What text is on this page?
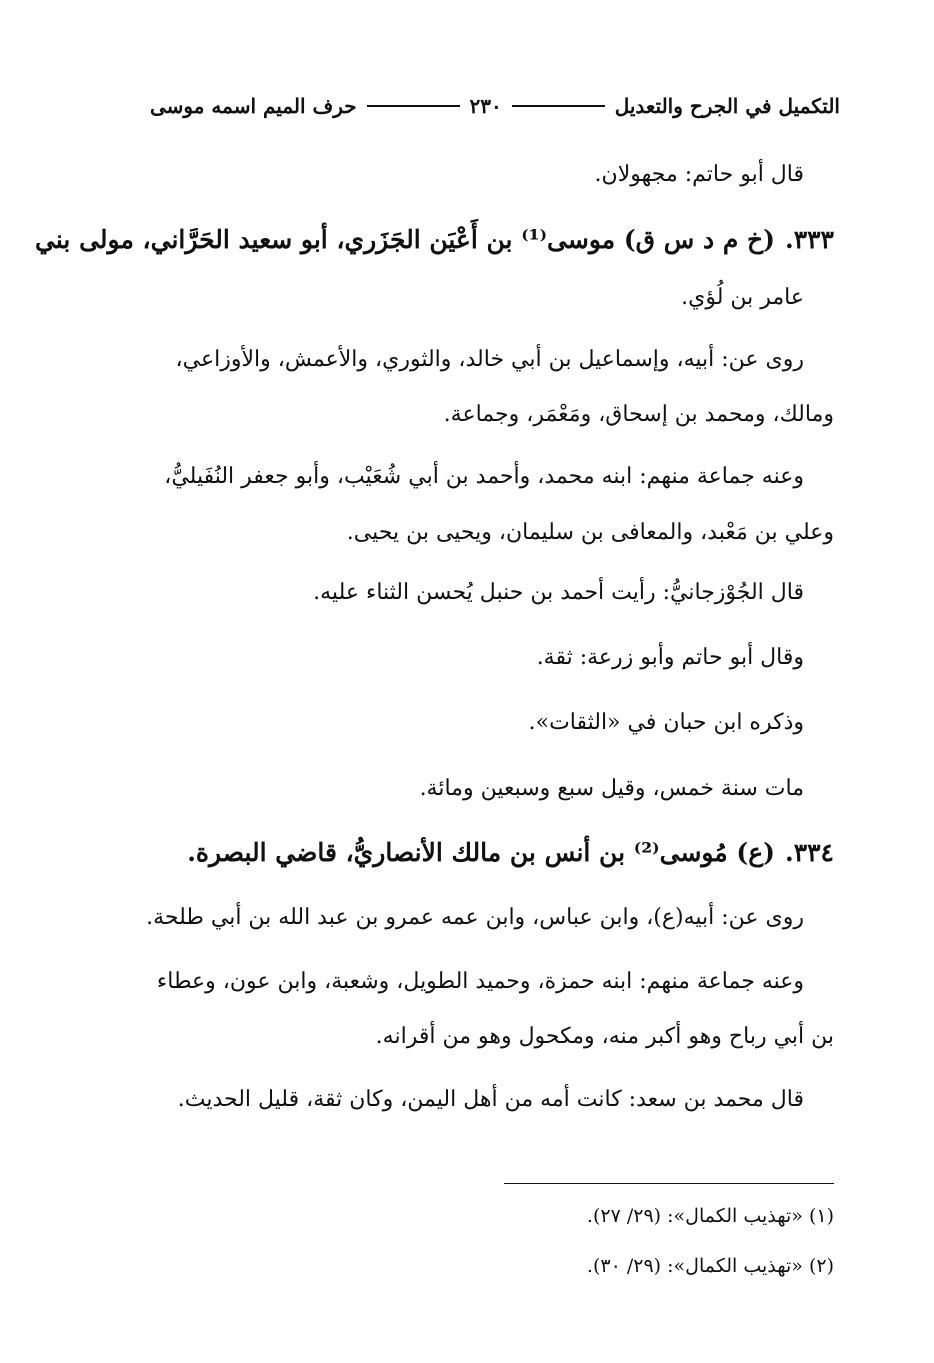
التكميل في الجرح والتعديل
٢٣٠
حرف الميم اسمه موسى
قال أبو حاتم: مجهولان.
٣٣٣.(خ م د س ق) موسى⁽¹⁾ بن أَعْيَن الجَزَري، أبو سعيد الحَرَّاني، مولى بني
عامر بن لُؤي.
روى عن: أبيه، وإسماعيل بن أبي خالد، والثوري، والأعمش، والأوزاعي،
ومالك، ومحمد بن إسحاق، ومَعْمَر، وجماعة.
وعنه جماعة منهم: ابنه محمد، وأحمد بن أبي شُعَيْب، وأبو جعفر النُفَيليُّ،
وعلي بن مَعْبد، والمعافى بن سليمان، ويحيى بن يحيى.
قال الجُوْزجانيُّ: رأيت أحمد بن حنبل يُحسن الثناء عليه.
وقال أبو حاتم وأبو زرعة: ثقة.
وذكره ابن حبان في «الثقات».
مات سنة خمس، وقيل سبع وسبعين ومائة.
٣٣٤.(ع) مُوسى⁽²⁾ بن أنس بن مالك الأنصاريُّ، قاضي البصرة.
روى عن: أبيه(ع)، وابن عباس، وابن عمه عمرو بن عبد الله بن أبي طلحة.
وعنه جماعة منهم: ابنه حمزة، وحميد الطويل، وشعبة، وابن عون، وعطاء
بن أبي رباح وهو أكبر منه، ومكحول وهو من أقرانه.
قال محمد بن سعد: كانت أمه من أهل اليمن، وكان ثقة، قليل الحديث.
(١) «تهذيب الكمال»: (٢٩/ ٢٧).
(٢) «تهذيب الكمال»: (٢٩/ ٣٠).
